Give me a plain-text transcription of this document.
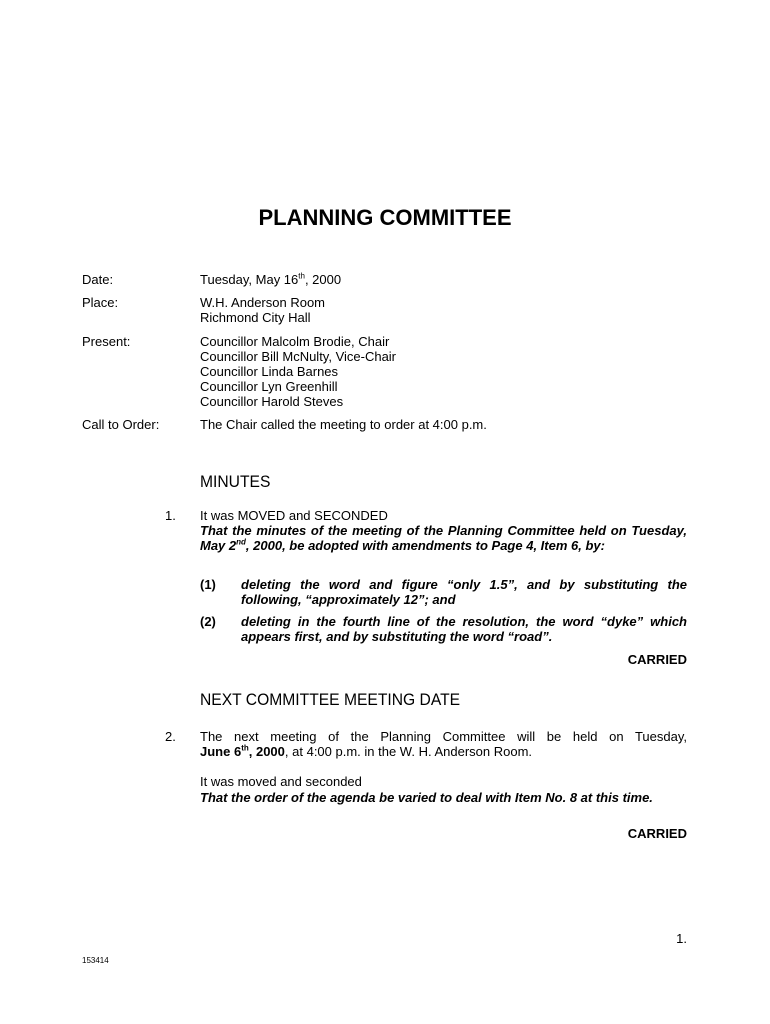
PLANNING COMMITTEE
Date:	Tuesday, May 16th, 2000
Place:	W.H. Anderson Room
Richmond City Hall
Present:	Councillor Malcolm Brodie, Chair
Councillor Bill McNulty, Vice-Chair
Councillor Linda Barnes
Councillor Lyn Greenhill
Councillor Harold Steves
Call to Order:	The Chair called the meeting to order at 4:00 p.m.
MINUTES
1. It was MOVED and SECONDED
That the minutes of the meeting of the Planning Committee held on Tuesday, May 2nd, 2000, be adopted with amendments to Page 4, Item 6, by:
(1) deleting the word and figure “only 1.5”, and by substituting the following, “approximately 12”; and
(2) deleting in the fourth line of the resolution, the word “dyke” which appears first, and by substituting the word “road”.
CARRIED
NEXT COMMITTEE MEETING DATE
2. The next meeting of the Planning Committee will be held on Tuesday,
June 6th, 2000, at 4:00 p.m. in the W. H. Anderson Room.
It was moved and seconded
That the order of the agenda be varied to deal with Item No. 8 at this time.
CARRIED
1.
153414
